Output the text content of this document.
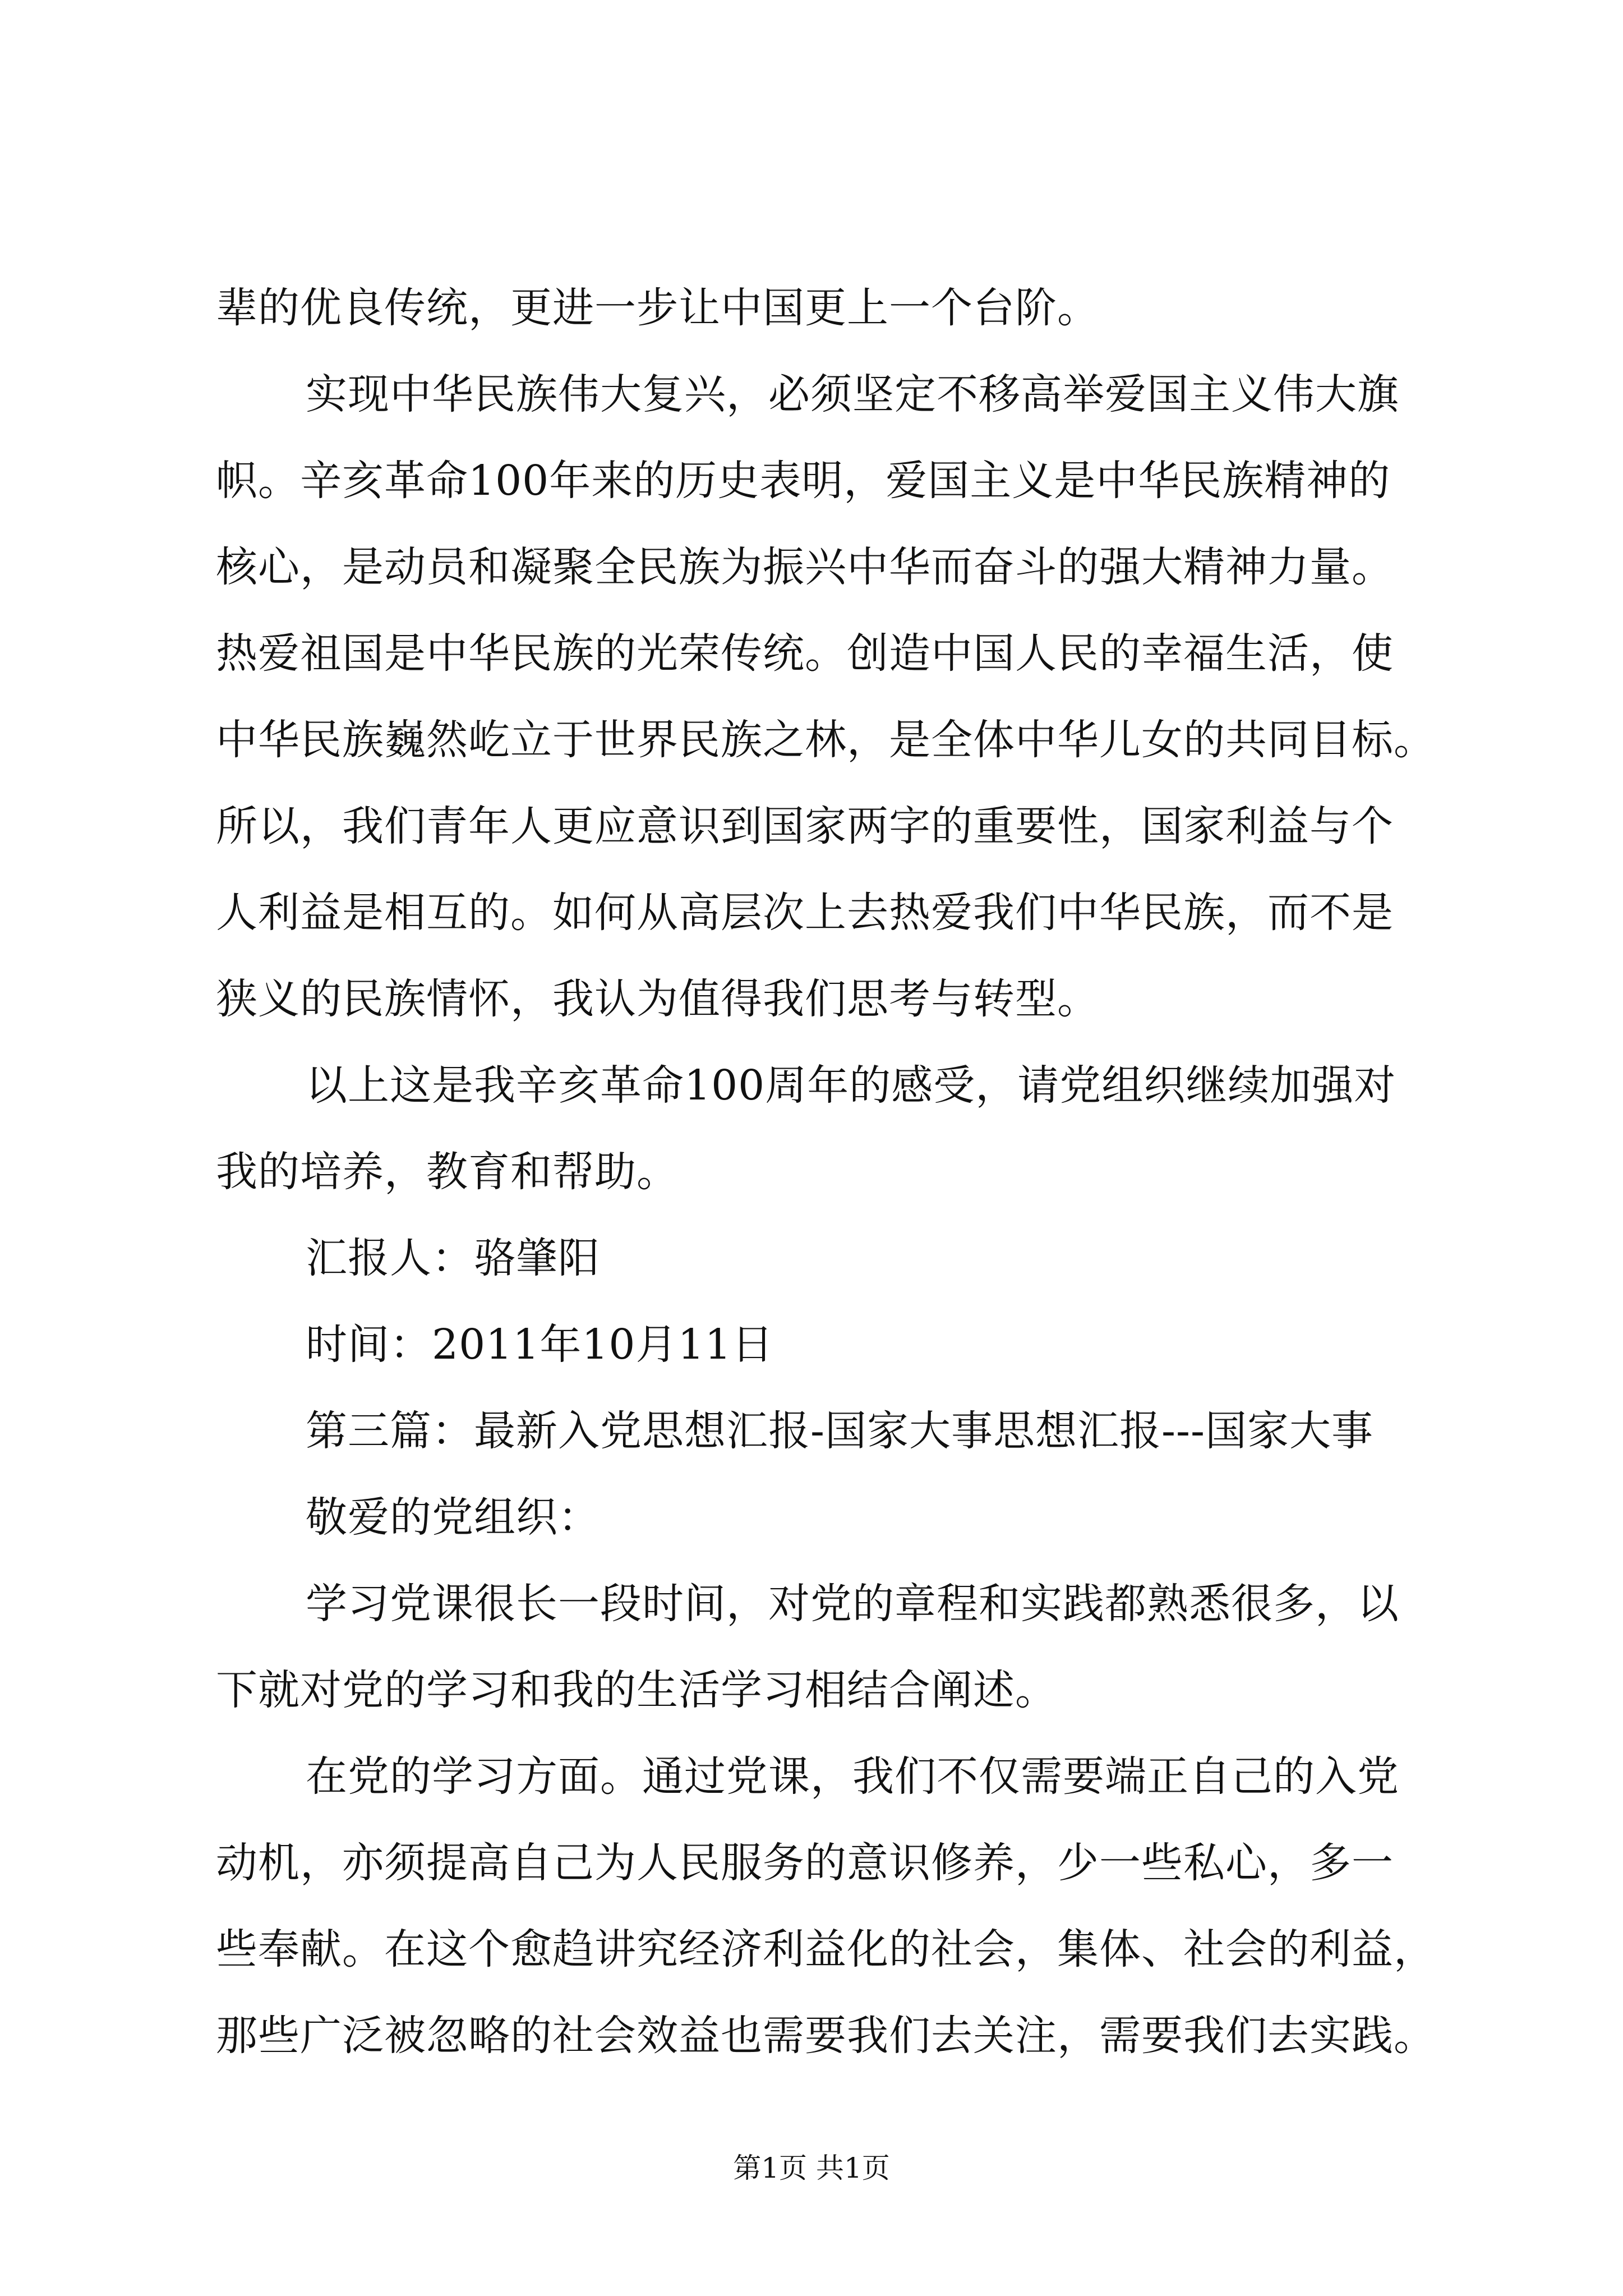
辈的优良传统，更进一步让中国更上一个台阶。
实现中华民族伟大复兴，必须坚定不移高举爱国主义伟大旗
帜。辛亥革命100年来的历史表明，爱国主义是中华民族精神的
核心，是动员和凝聚全民族为振兴中华而奋斗的强大精神力量。
热爱祖国是中华民族的光荣传统。创造中国人民的幸福生活，使
中华民族巍然屹立于世界民族之林，是全体中华儿女的共同目标。
所以，我们青年人更应意识到国家两字的重要性，国家利益与个
人利益是相互的。如何从高层次上去热爱我们中华民族，而不是
狭义的民族情怀，我认为值得我们思考与转型。
以上这是我辛亥革命100周年的感受，请党组织继续加强对
我的培养，教育和帮助。
汇报人：骆肇阳
时间：2011年10月11日
第三篇：最新入党思想汇报-国家大事思想汇报---国家大事
敬爱的党组织：
学习党课很长一段时间，对党的章程和实践都熟悉很多，以
下就对党的学习和我的生活学习相结合阐述。
在党的学习方面。通过党课，我们不仅需要端正自己的入党
动机，亦须提高自己为人民服务的意识修养，少一些私心，多一
些奉献。在这个愈趋讲究经济利益化的社会，集体、社会的利益，
那些广泛被忽略的社会效益也需要我们去关注，需要我们去实践。
第1页 共1页
